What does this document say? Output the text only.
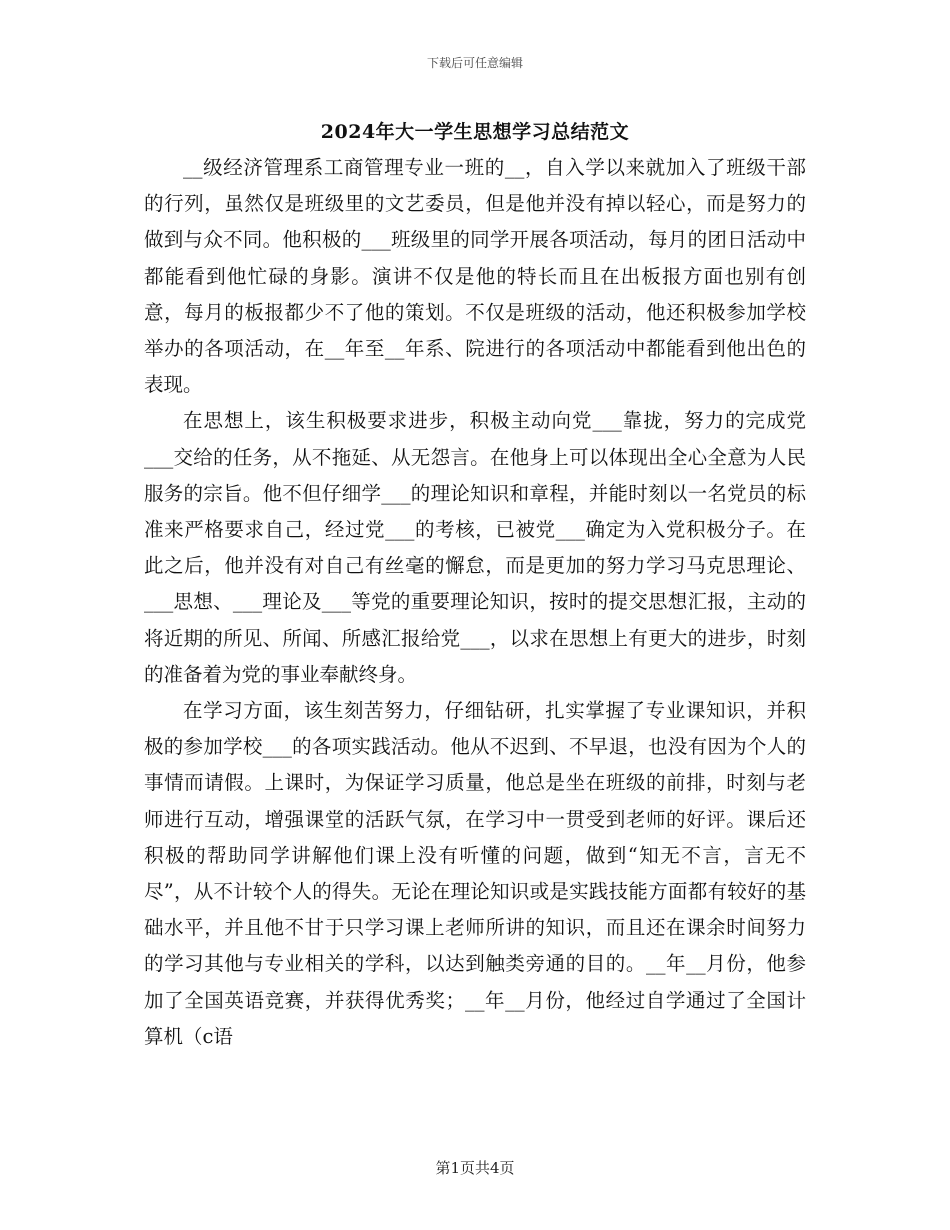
下载后可任意编辑
2024年大一学生思想学习总结范文

__级经济管理系工商管理专业一班的__，自入学以来就加入了班级干部的行列，虽然仅是班级里的文艺委员，但是他并没有掉以轻心，而是努力的做到与众不同。他积极的___班级里的同学开展各项活动，每月的团日活动中都能看到他忙碌的身影。演讲不仅是他的特长而且在出板报方面也别有创意，每月的板报都少不了他的策划。不仅是班级的活动，他还积极参加学校举办的各项活动，在__年至__年系、院进行的各项活动中都能看到他出色的表现。

在思想上，该生积极要求进步，积极主动向党___靠拢，努力的完成党___交给的任务，从不拖延、从无怨言。在他身上可以体现出全心全意为人民服务的宗旨。他不但仔细学___的理论知识和章程，并能时刻以一名党员的标准来严格要求自己，经过党___的考核，已被党___确定为入党积极分子。在此之后，他并没有对自己有丝毫的懈怠，而是更加的努力学习马克思理论、___思想、___理论及___等党的重要理论知识，按时的提交思想汇报，主动的将近期的所见、所闻、所感汇报给党___，以求在思想上有更大的进步，时刻的准备着为党的事业奉献终身。

在学习方面，该生刻苦努力，仔细钻研，扎实掌握了专业课知识，并积极的参加学校___的各项实践活动。他从不迟到、不早退，也没有因为个人的事情而请假。上课时，为保证学习质量，他总是坐在班级的前排，时刻与老师进行互动，增强课堂的活跃气氛，在学习中一贯受到老师的好评。课后还积极的帮助同学讲解他们课上没有听懂的问题，做到“知无不言，言无不尽”，从不计较个人的得失。无论在理论知识或是实践技能方面都有较好的基础水平，并且他不甘于只学习课上老师所讲的知识，而且还在课余时间努力的学习其他与专业相关的学科，以达到触类旁通的目的。__年__月份，他参加了全国英语竞赛，并获得优秀奖；__年__月份，他经过自学通过了全国计算机（c语

第1页共4页
